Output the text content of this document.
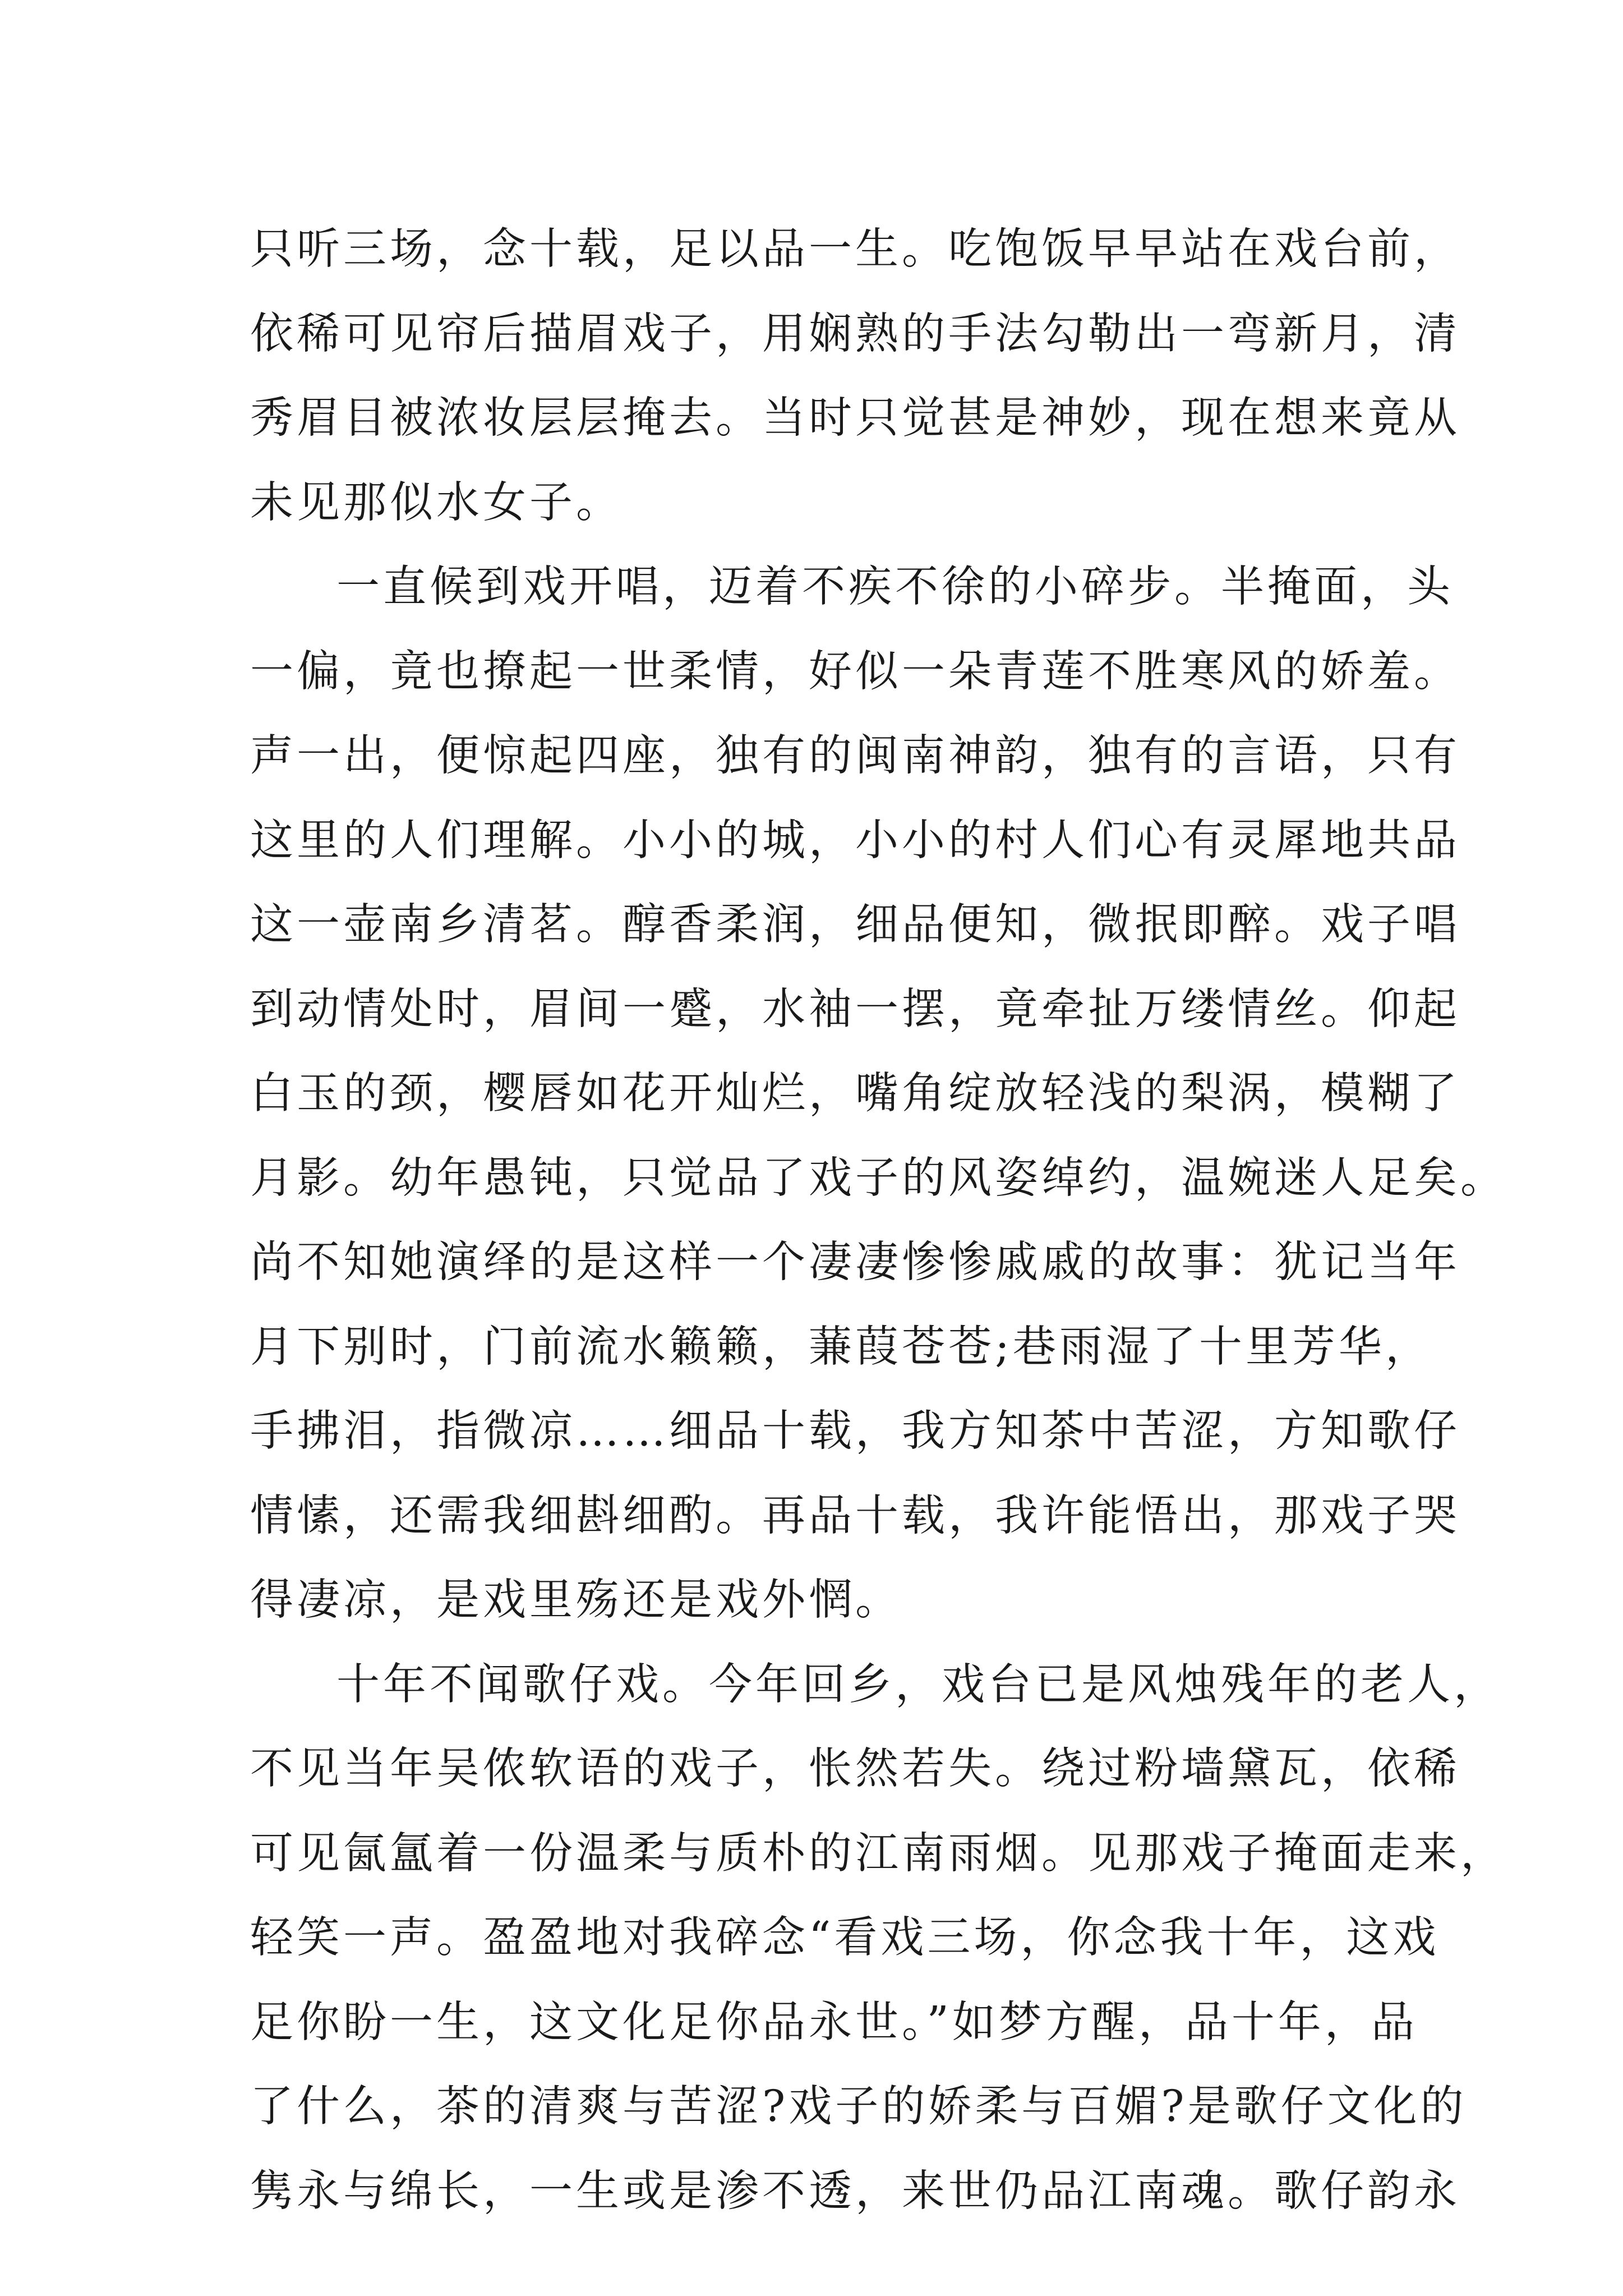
只听三场，念十载，足以品一生。吃饱饭早早站在戏台前，
依稀可见帘后描眉戏子，用娴熟的手法勾勒出一弯新月，清
秀眉目被浓妆层层掩去。当时只觉甚是神妙，现在想来竟从
未见那似水女子。
一直候到戏开唱，迈着不疾不徐的小碎步。半掩面，头
一偏，竟也撩起一世柔情，好似一朵青莲不胜寒风的娇羞。
声一出，便惊起四座，独有的闽南神韵，独有的言语，只有
这里的人们理解。小小的城，小小的村人们心有灵犀地共品
这一壶南乡清茗。醇香柔润，细品便知，微抿即醉。戏子唱
到动情处时，眉间一蹙，水袖一摆，竟牵扯万缕情丝。仰起
白玉的颈，樱唇如花开灿烂，嘴角绽放轻浅的梨涡，模糊了
月影。幼年愚钝，只觉品了戏子的风姿绰约，温婉迷人足矣。
尚不知她演绎的是这样一个凄凄惨惨戚戚的故事：犹记当年
月下别时，门前流水籁籁，蒹葭苍苍;巷雨湿了十里芳华，
手拂泪，指微凉……细品十载，我方知茶中苦涩，方知歌仔
情愫，还需我细斟细酌。再品十载，我许能悟出，那戏子哭
得凄凉，是戏里殇还是戏外惘。
十年不闻歌仔戏。今年回乡，戏台已是风烛残年的老人，
不见当年吴侬软语的戏子，怅然若失。绕过粉墙黛瓦，依稀
可见氤氲着一份温柔与质朴的江南雨烟。见那戏子掩面走来，
轻笑一声。盈盈地对我碎念“看戏三场，你念我十年，这戏
足你盼一生，这文化足你品永世。”如梦方醒，品十年，品
了什么，茶的清爽与苦涩?戏子的娇柔与百媚?是歌仔文化的
隽永与绵长，一生或是渗不透，来世仍品江南魂。歌仔韵永
